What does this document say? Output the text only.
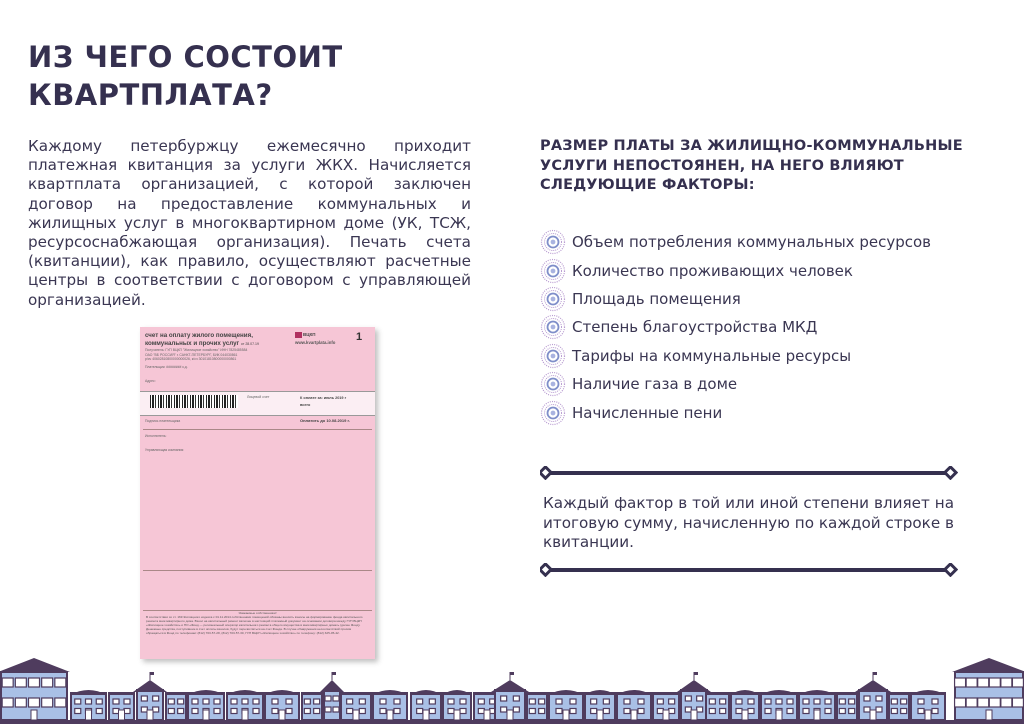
ИЗ ЧЕГО СОСТОИТ
КВАРТПЛАТА?

Каждому петербуржцу ежемесячно приходит платежная квитанция за услуги ЖКХ. Начисляется квартплата организацией, с которой заключен договор на предоставление коммунальных и жилищных услуг в многоквартирном доме (УК, ТСЖ, ресурсоснабжающая организация). Печать счета (квитанции), как правило, осуществляют расчетные центры в соответствии с договором с управляющей организацией.

счет на оплату жилого помещения, коммунальных и прочих услуг от 28.07.19
Получатель: ГУП ВЦКП "Жилищное хозяйство" ИНН 7825485584
ОАО "ВБ РОССИЯ" г. САНКТ-ПЕТЕРБУРГ, БИК 044030861
р/сч 40602810800000000026, к/сч 30101810800000000861
Плательщик: ######## к.д.
Адрес:
ВЦКП
www.kvartplata.info 1
Лицевой счет	К оплате за: июль 2019 г
всего
Подпись плательщика	Оплатить до 10.08.2019 г.
Исполнитель:
Управляющая компания:
Уважаемые собственники!
В соответствии со ст. 169 Жилищного кодекса с 01.11.2014 собственники помещений обязаны вносить взносы на формирование фонда капитального ремонта многоквартирного дома. Взнос на капитальный ремонт включен в настоящий платежный документ на основании договора между ГУП ВЦКП «Жилищное хозяйство» и НО «Фонд — региональный оператор капитального ремонта общего имущества в многоквартирных домах» (далее Фонд). Денежные средства, поступившие в счет оплаты взносов, будут перечисляться на счет Фонда. В случае обнаружения несоответствий просим обращаться в Фонд по телефонам: (812) 703-57-28, (812) 703-57-30, ГУП ВЦКП «Жилищное хозяйство» по телефону: (812) 325-05-42.
РАЗМЕР ПЛАТЫ ЗА ЖИЛИЩНО-КОММУНАЛЬНЫЕ УСЛУГИ НЕПОСТОЯНЕН, НА НЕГО ВЛИЯЮТ СЛЕДУЮЩИЕ ФАКТОРЫ:
Объем потребления коммунальных ресурсов
Количество проживающих человек
Площадь помещения
Степень благоустройства МКД
Тарифы на коммунальные ресурсы
Наличие газа в доме
Начисленные пени

Каждый фактор в той или иной степени влияет на итоговую сумму, начисленную по каждой строке в квитанции.
